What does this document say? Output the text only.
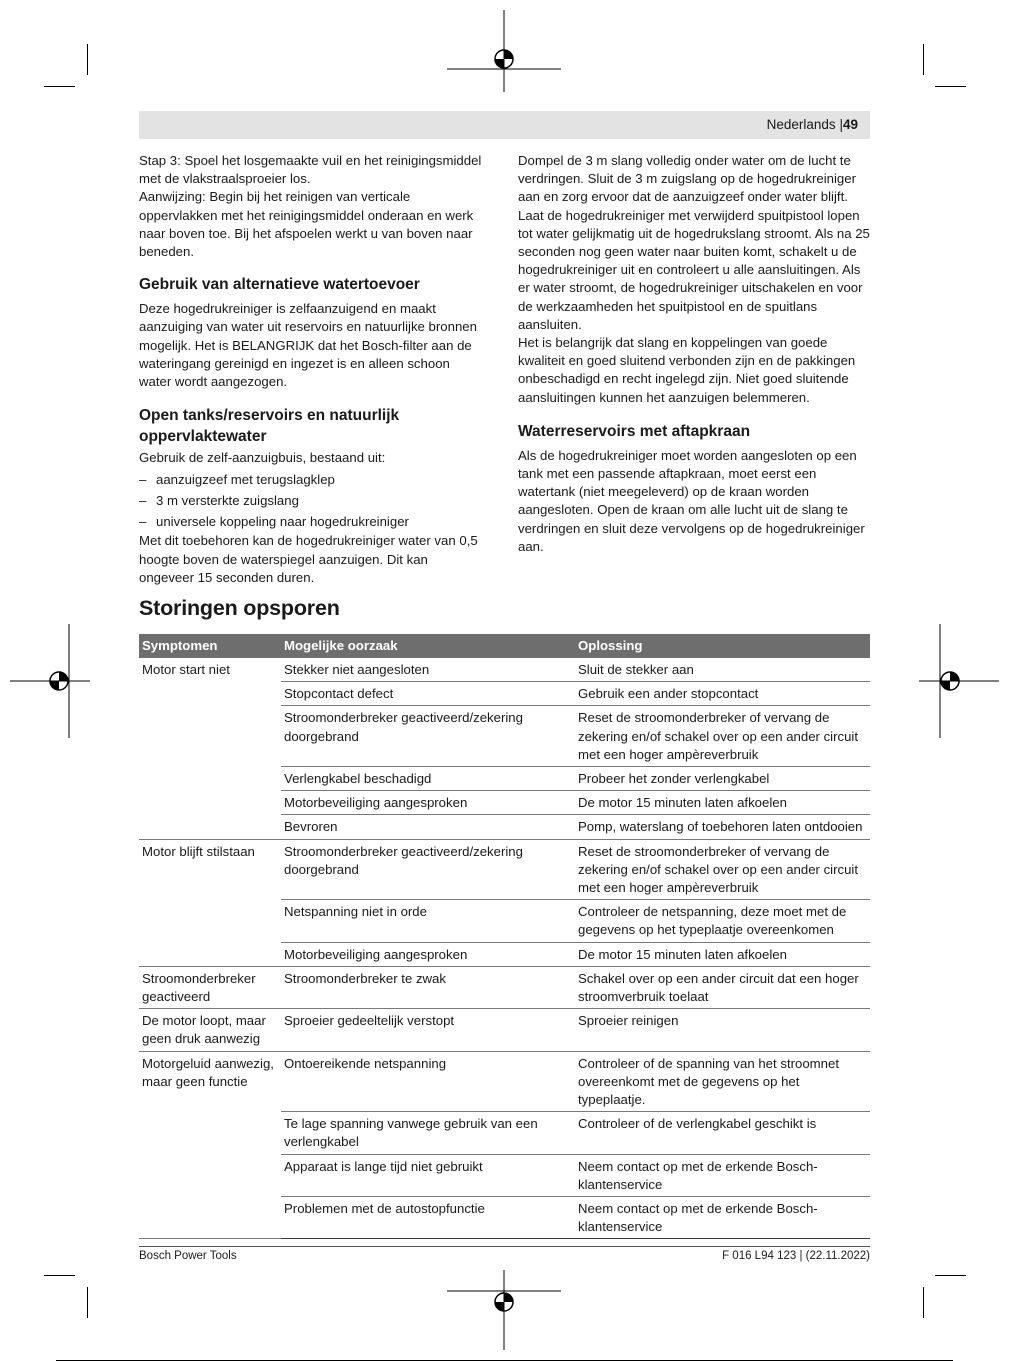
Nederlands |49

Stap 3: Spoel het losgemaakte vuil en het reinigingsmiddel met de vlakstraalsproeier los.

Aanwijzing: Begin bij het reinigen van verticale oppervlakken met het reinigingsmiddel onderaan en werk naar boven toe. Bij het afspoelen werkt u van boven naar beneden.

Gebruik van alternatieve watertoevoer

Deze hogedrukreiniger is zelfaanzuigend en maakt aanzuiging van water uit reservoirs en natuurlijke bronnen mogelijk. Het is BELANGRIJK dat het Bosch-filter aan de wateringang gereinigd en ingezet is en alleen schoon water wordt aangezogen.

Open tanks/reservoirs en natuurlijk oppervlaktewater

Gebruik de zelf-aanzuigbuis, bestaand uit:

– aanzuigzeef met terugslagklep
– 3 m versterkte zuigslang
– universele koppeling naar hogedrukreiniger

Met dit toebehoren kan de hogedrukreiniger water van 0,5 hoogte boven de waterspiegel aanzuigen. Dit kan ongeveer 15 seconden duren.

Dompel de 3 m slang volledig onder water om de lucht te verdringen. Sluit de 3 m zuigslang op de hogedrukreiniger aan en zorg ervoor dat de aanzuigzeef onder water blijft.

Laat de hogedrukreiniger met verwijderd spuitpistool lopen tot water gelijkmatig uit de hogedrukslang stroomt. Als na 25 seconden nog geen water naar buiten komt, schakelt u de hogedrukreiniger uit en controleert u alle aansluitingen. Als er water stroomt, de hogedrukreiniger uitschakelen en voor de werkzaamheden het spuitpistool en de spuitlans aansluiten.

Het is belangrijk dat slang en koppelingen van goede kwaliteit en goed sluitend verbonden zijn en de pakkingen onbeschadigd en recht ingelegd zijn. Niet goed sluitende aansluitingen kunnen het aanzuigen belemmeren.

Waterreservoirs met aftapkraan

Als de hogedrukreiniger moet worden aangesloten op een tank met een passende aftapkraan, moet eerst een watertank (niet meegeleverd) op de kraan worden aangesloten. Open de kraan om alle lucht uit de slang te verdringen en sluit deze vervolgens op de hogedrukreiniger aan.

Storingen opsporen
Symptomen	Mogelijke oorzaak	Oplossing
Motor start niet	Stekker niet aangesloten	Sluit de stekker aan
	Stopcontact defect	Gebruik een ander stopcontact
	Stroomonderbreker geactiveerd/zekering doorgebrand	Reset de stroomonderbreker of vervang de zekering en/of schakel over op een ander circuit met een hoger ampèreverbruik
	Verlengkabel beschadigd	Probeer het zonder verlengkabel
	Motorbeveiliging aangesproken	De motor 15 minuten laten afkoelen
	Bevroren	Pomp, waterslang of toebehoren laten ontdooien
Motor blijft stilstaan	Stroomonderbreker geactiveerd/zekering doorgebrand	Reset de stroomonderbreker of vervang de zekering en/of schakel over op een ander circuit met een hoger ampèreverbruik
	Netspanning niet in orde	Controleer de netspanning, deze moet met de gegevens op het typeplaatje overeenkomen
	Motorbeveiliging aangesproken	De motor 15 minuten laten afkoelen
Stroomonderbreker geactiveerd	Stroomonderbreker te zwak	Schakel over op een ander circuit dat een hoger stroomverbruik toelaat
De motor loopt, maar geen druk aanwezig	Sproeier gedeeltelijk verstopt	Sproeier reinigen
Motorgeluid aanwezig, maar geen functie	Ontoereikende netspanning	Controleer of de spanning van het stroomnet overeenkomt met de gegevens op het typeplaatje.
	Te lage spanning vanwege gebruik van een verlengkabel	Controleer of de verlengkabel geschikt is
	Apparaat is lange tijd niet gebruikt	Neem contact op met de erkende Bosch-klantenservice
	Problemen met de autostopfunctie	Neem contact op met de erkende Bosch-klantenservice
Bosch Power Tools	F 016 L94 123 | (22.11.2022)
